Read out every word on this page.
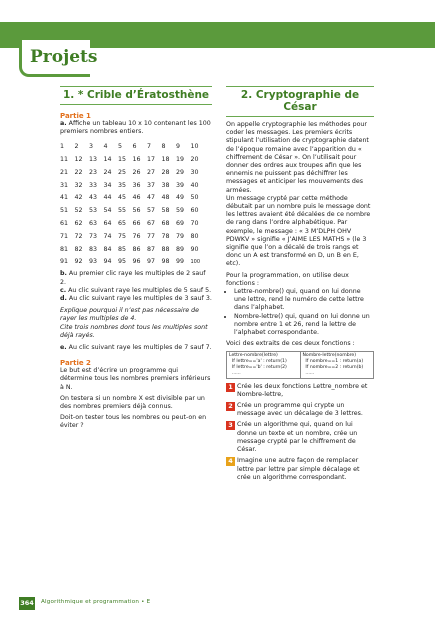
Projets
1. * Crible d’Ératosthène
Partie 1

a. Affiche un tableau 10 x 10 contenant les 100 premiers nombres entiers.

1	2	3	4	5	6	7	8	9	10
11	12	13	14	15	16	17	18	19	20
21	22	23	24	25	26	27	28	29	30
31	32	33	34	35	36	37	38	39	40
41	42	43	44	45	46	47	48	49	50
51	52	53	54	55	56	57	58	59	60
61	62	63	64	65	66	67	68	69	70
71	72	73	74	75	76	77	78	79	80
81	82	83	84	85	86	87	88	89	90
91	92	93	94	95	96	97	98	99	100

b. Au premier clic raye les multiples de 2 sauf 2.

c. Au clic suivant raye les multiples de 5 sauf 5.

d. Au clic suivant raye les multiples de 3 sauf 3.

Explique pourquoi il n’est pas nécessaire de rayer les multiples de 4.

Cite trois nombres dont tous les multiples sont déjà rayés.

e. Au clic suivant raye les multiples de 7 sauf 7.

Partie 2

Le but est d’écrire un programme qui détermine tous les nombres premiers inférieurs à N.

On testera si un nombre X est divisible par un des nombres premiers déjà connus.

Doit-on tester tous les nombres ou peut-on en éviter ?

2. Cryptographie de César

On appelle cryptographie les méthodes pour coder les messages. Les premiers écrits stipulant l’utilisation de cryptographie datent de l’époque romaine avec l’apparition du « chiffrement de César ». On l’utilisait pour donner des ordres aux troupes afin que les ennemis ne puissent pas déchiffrer les messages et anticiper les mouvements des armées.

Un message crypté par cette méthode débutait par un nombre puis le message dont les lettres avaient été décalées de ce nombre de rang dans l’ordre alphabétique. Par exemple, le message : « 3 M’DLPH OHV PDWKV » signifie « J’AIME LES MATHS » (le 3 signifie que l’on a décalé de trois rangs et donc un A est transformé en D, un B en E, etc).

Pour la programmation, on utilise deux fonctions :

• Lettre-nombre() qui, quand on lui donne une lettre, rend le numéro de cette lettre dans l’alphabet.
• Nombre-lettre() qui, quand on lui donne un nombre entre 1 et 26, rend la lettre de l’alphabet correspondante.

Voici des extraits de ces deux fonctions :

Lettre-nombre(lettre)
If lettre=='a' : return(1)
If lettre=='b' : return(2)
......
Nombre-lettre(nombre)
If nombre==1 : return(a)
If nombre==2 : return(b)
......
1 Crée les deux fonctions Lettre_nombre et Nombre-lettre,

2 Crée un programme qui crypte un message avec un décalage de 3 lettres.

3 Crée un algorithme qui, quand on lui donne un texte et un nombre, crée un message crypté par le chiffrement de César.

4 Imagine une autre façon de remplacer lettre par lettre par simple décalage et crée un algorithme correspondant.

364 Algorithmique et programmation • E
